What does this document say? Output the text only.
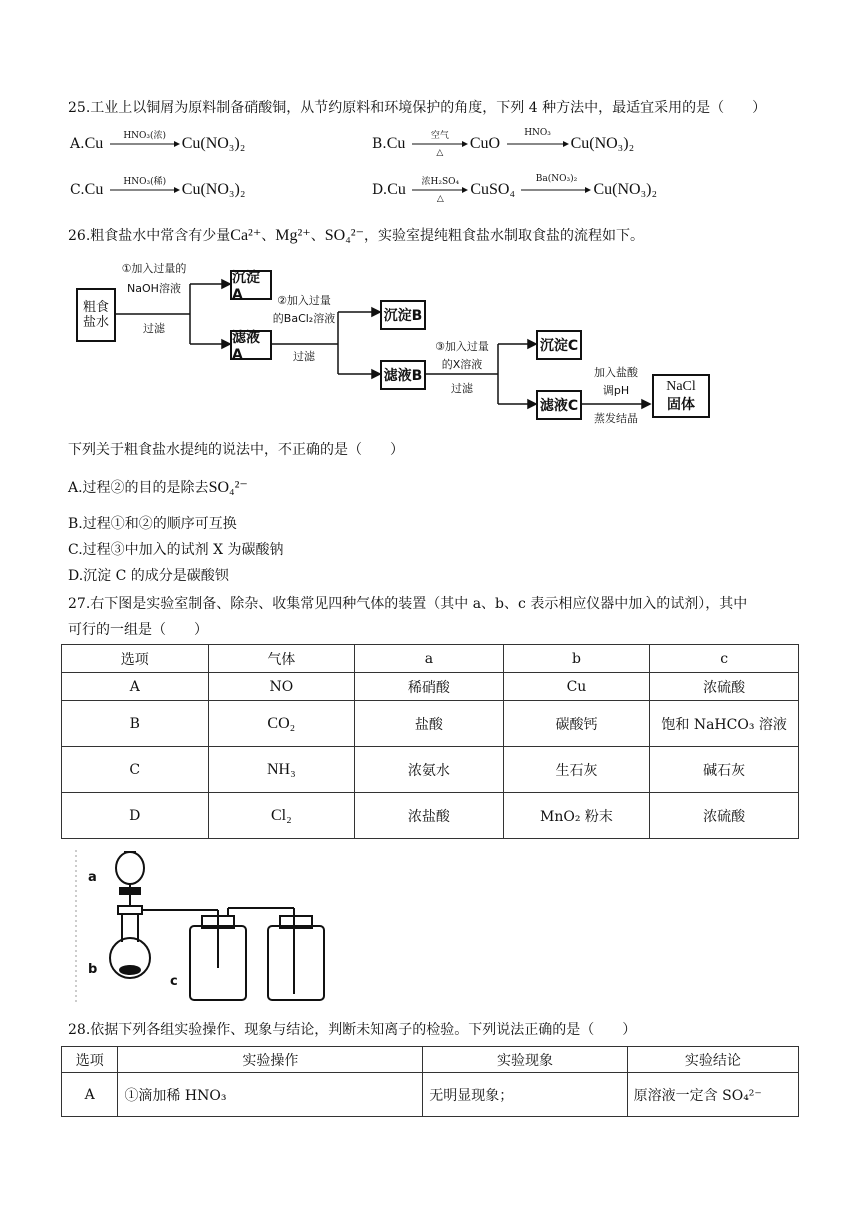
25.工业上以铜屑为原料制备硝酸铜，从节约原料和环境保护的角度，下列 4 种方法中，最适宜采用的是（　　）
A.Cu	HNO₃(浓) Cu(NO₃)₂	B.Cu	空气
△
CuO
HNO₃
Cu(NO₃)₂
C.Cu	HNO₃(稀) Cu(NO₃)₂	D.Cu	浓H₂SO₄
△
CuSO₄
Ba(NO₃)₂
Cu(NO₃)₂
26.粗食盐水中常含有少量Ca²⁺、Mg²⁺、SO₄²⁻，实验室提纯粗食盐水制取食盐的流程如下。
粗食盐水
①加入过量的
NaOH溶液
过滤
沉淀A
滤液A
②加入过量
的BaCl₂溶液
过滤
沉淀B
滤液B
③加入过量
的X溶液
过滤
沉淀C
滤液C
加入盐酸
调pH
蒸发结晶
NaCl
固体
下列关于粗食盐水提纯的说法中，不正确的是（　　）
A.过程②的目的是除去SO₄²⁻
B.过程①和②的顺序可互换
C.过程③中加入的试剂 X 为碳酸钠
D.沉淀 C 的成分是碳酸钡
27.右下图是实验室制备、除杂、收集常见四种气体的装置（其中 a、b、c 表示相应仪器中加入的试剂），其中
可行的一组是（　　）
选项	气体	a	b	c
A	NO	稀硝酸	Cu	浓硫酸
B	CO₂	盐酸	碳酸钙	饱和 NaHCO₃ 溶液
C	NH₃	浓氨水	生石灰	碱石灰
D	Cl₂	浓盐酸	MnO₂ 粉末	浓硫酸
a
b
c
28.依据下列各组实验操作、现象与结论，判断未知离子的检验。下列说法正确的是（　　）
选项	实验操作	实验现象	实验结论
A	①滴加稀 HNO₃	无明显现象；	原溶液一定含 SO₄²⁻
